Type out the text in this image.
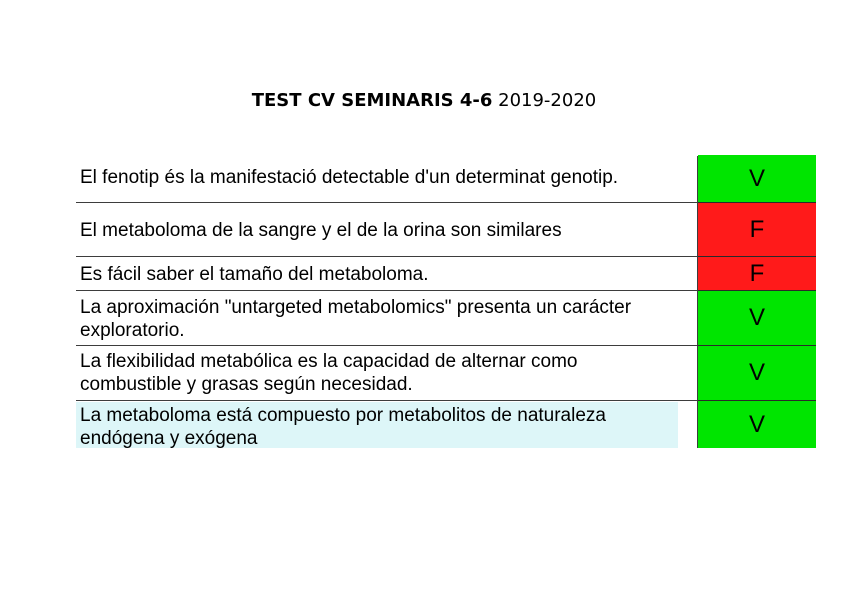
TEST CV SEMINARIS 4-6 2019-2020
El fenotip és la manifestació detectable d'un determinat genotip.
El metaboloma de la sangre y el de la orina son similares
Es fácil saber el tamaño del metaboloma.
La aproximación "untargeted metabolomics" presenta un carácter exploratorio.
La flexibilidad metabólica es la capacidad de alternar como combustible y grasas según necesidad.
La metaboloma está compuesto por metabolitos de naturaleza endógena y exógena
V
F
F
V
V
V
